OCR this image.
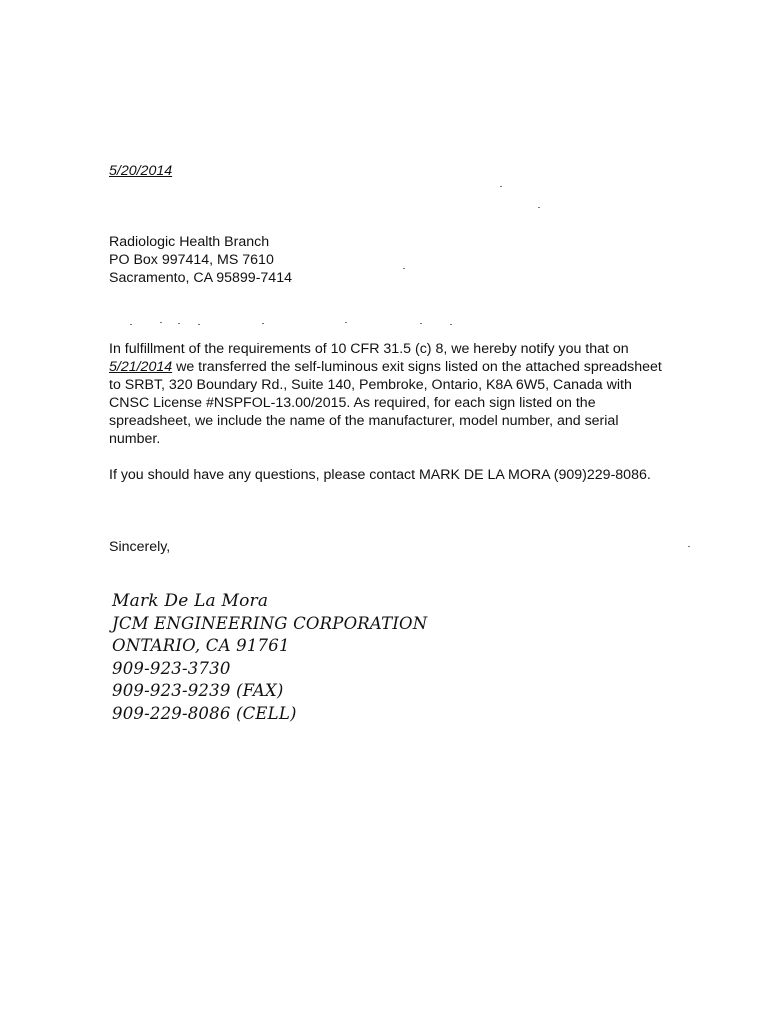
5/20/2014
Radiologic Health Branch
PO Box 997414, MS 7610
Sacramento, CA 95899-7414
In fulfillment of the requirements of 10 CFR 31.5 (c) 8, we hereby notify you that on 5/21/2014 we transferred the self-luminous exit signs listed on the attached spreadsheet to SRBT, 320 Boundary Rd., Suite 140, Pembroke, Ontario, K8A 6W5, Canada with CNSC License #NSPFOL-13.00/2015. As required, for each sign listed on the spreadsheet, we include the name of the manufacturer, model number, and serial number.
If you should have any questions, please contact MARK DE LA MORA (909)229-8086.
Sincerely,
Mark De La Mora
JCM ENGINEERING CORPORATION
ONTARIO, CA 91761
909-923-3730
909-923-9239 (FAX)
909-229-8086 (CELL)
